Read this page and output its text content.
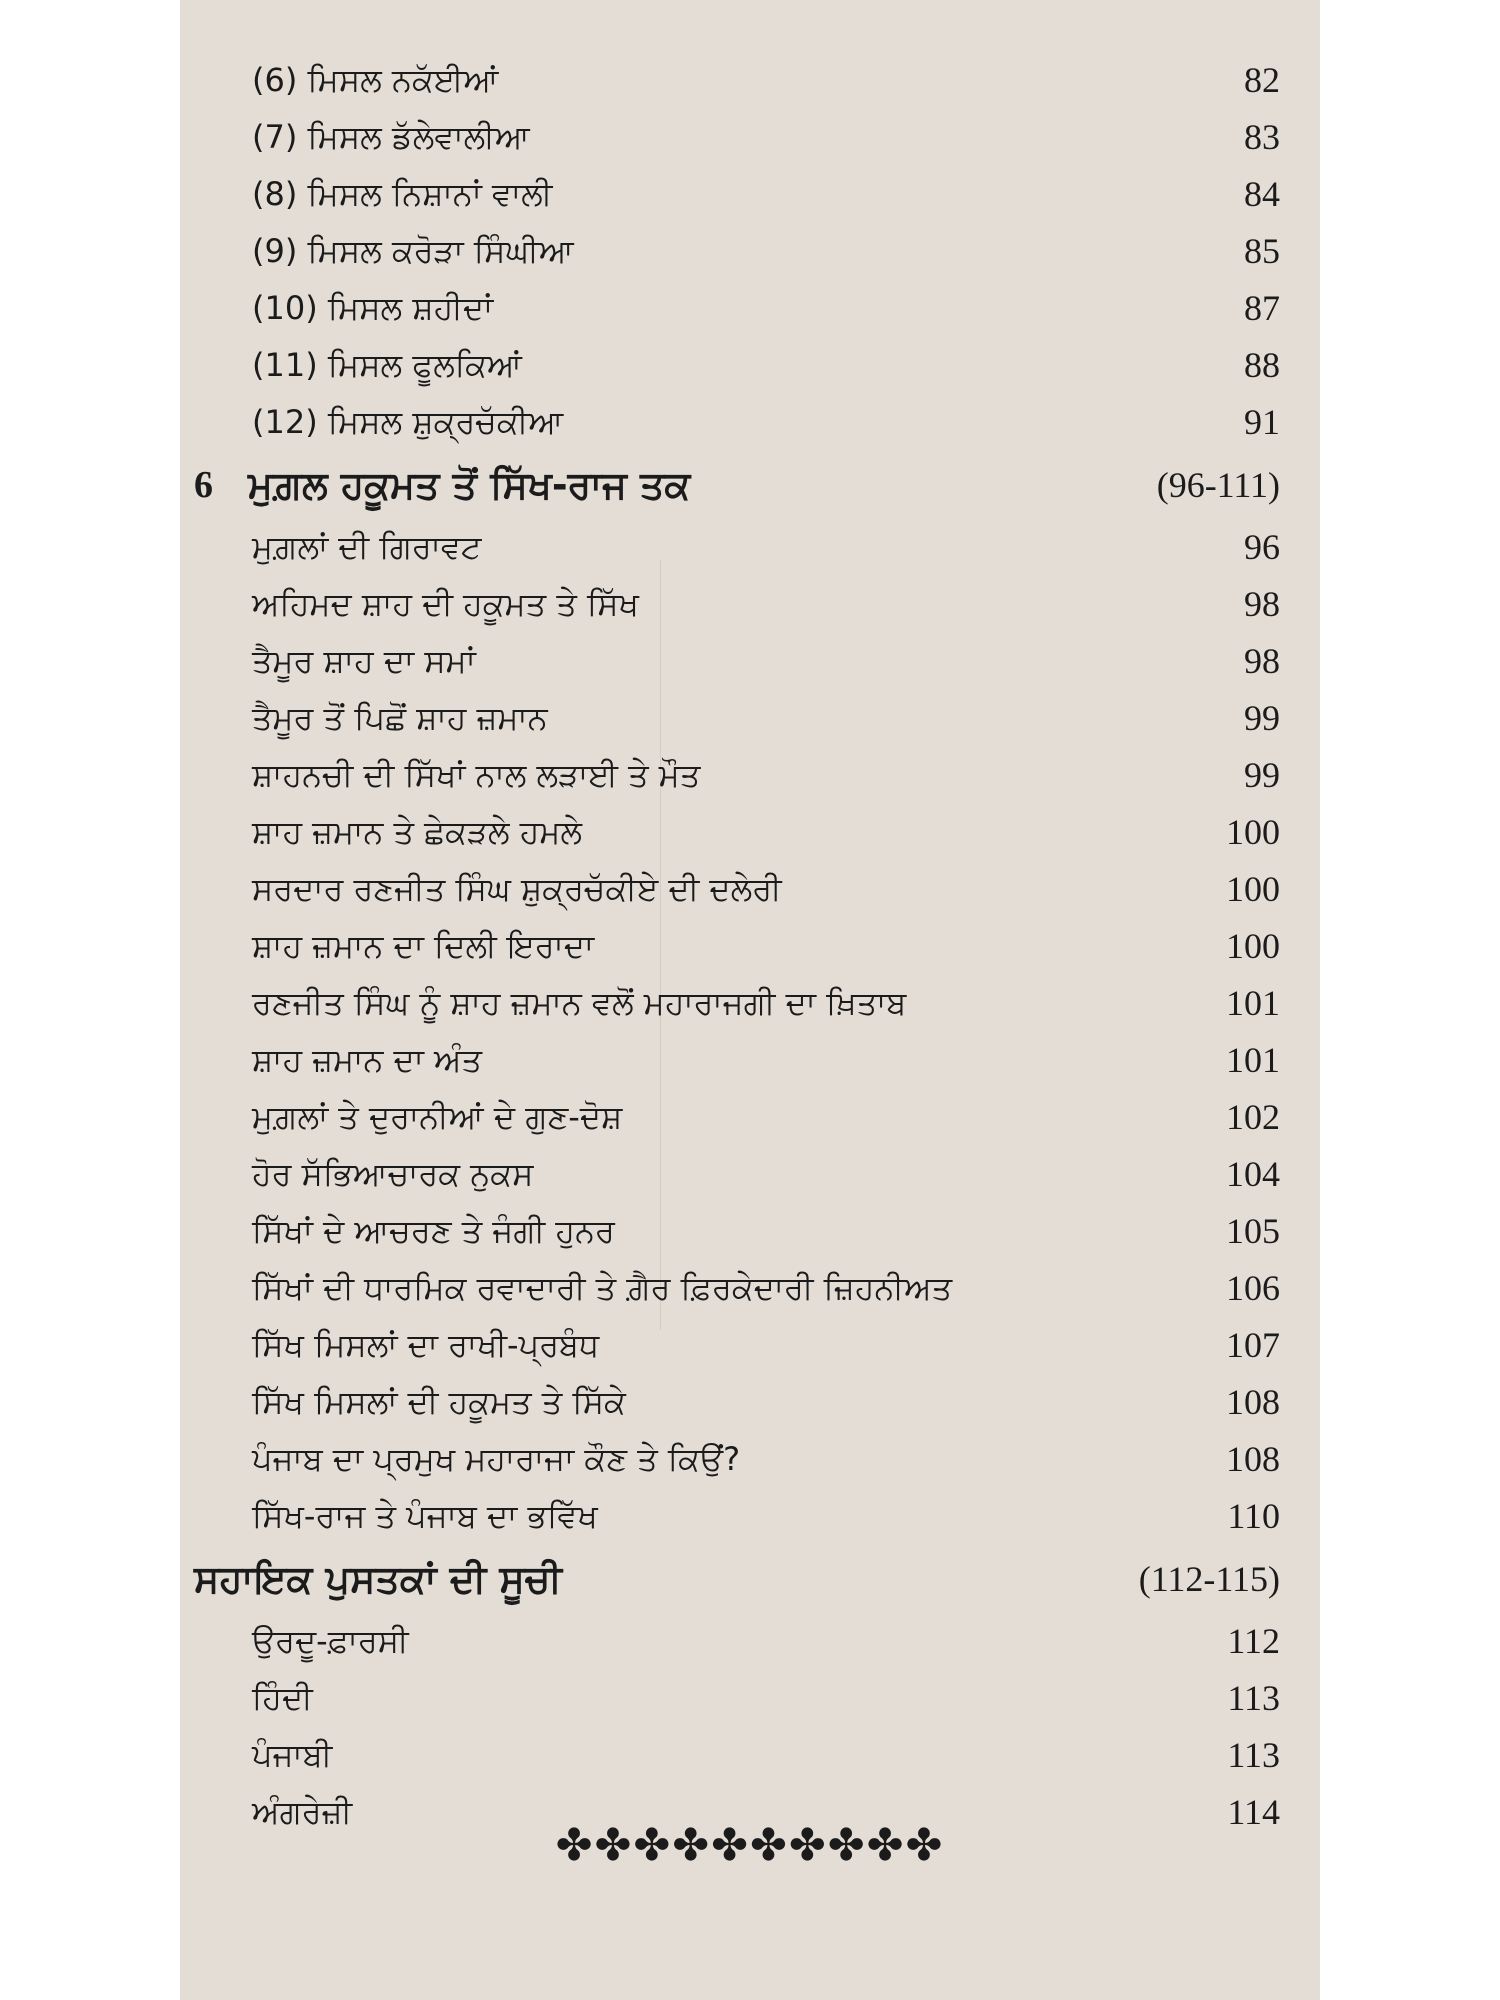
(6) ਮਿਸਲ ਨਕੱਈਆਂ	82
(7) ਮਿਸਲ ਡੱਲੇਵਾਲੀਆ	83
(8) ਮਿਸਲ ਨਿਸ਼ਾਨਾਂ ਵਾਲੀ	84
(9) ਮਿਸਲ ਕਰੋੜਾ ਸਿੰਘੀਆ	85
(10) ਮਿਸਲ ਸ਼ਹੀਦਾਂ	87
(11) ਮਿਸਲ ਫੂਲਕਿਆਂ	88
(12) ਮਿਸਲ ਸ਼ੁਕ੍ਰਚੱਕੀਆ	91
6 ਮੁਗ਼ਲ ਹਕੂਮਤ ਤੋਂ ਸਿੱਖ-ਰਾਜ ਤਕ	(96-111)
ਮੁਗ਼ਲਾਂ ਦੀ ਗਿਰਾਵਟ	96
ਅਹਿਮਦ ਸ਼ਾਹ ਦੀ ਹਕੂਮਤ ਤੇ ਸਿੱਖ	98
ਤੈਮੂਰ ਸ਼ਾਹ ਦਾ ਸਮਾਂ	98
ਤੈਮੂਰ ਤੋਂ ਪਿਛੋਂ ਸ਼ਾਹ ਜ਼ਮਾਨ	99
ਸ਼ਾਹਨਚੀ ਦੀ ਸਿੱਖਾਂ ਨਾਲ ਲੜਾਈ ਤੇ ਮੌਤ	99
ਸ਼ਾਹ ਜ਼ਮਾਨ ਤੇ ਛੇਕੜਲੇ ਹਮਲੇ	100
ਸਰਦਾਰ ਰਣਜੀਤ ਸਿੰਘ ਸ਼ੁਕ੍ਰਚੱਕੀਏ ਦੀ ਦਲੇਰੀ	100
ਸ਼ਾਹ ਜ਼ਮਾਨ ਦਾ ਦਿਲੀ ਇਰਾਦਾ	100
ਰਣਜੀਤ ਸਿੰਘ ਨੂੰ ਸ਼ਾਹ ਜ਼ਮਾਨ ਵਲੋਂ ਮਹਾਰਾਜਗੀ ਦਾ ਖ਼ਿਤਾਬ	101
ਸ਼ਾਹ ਜ਼ਮਾਨ ਦਾ ਅੰਤ	101
ਮੁਗ਼ਲਾਂ ਤੇ ਦੁਰਾਨੀਆਂ ਦੇ ਗੁਣ-ਦੋਸ਼	102
ਹੋਰ ਸੱਭਿਆਚਾਰਕ ਨੁਕਸ	104
ਸਿੱਖਾਂ ਦੇ ਆਚਰਣ ਤੇ ਜੰਗੀ ਹੁਨਰ	105
ਸਿੱਖਾਂ ਦੀ ਧਾਰਮਿਕ ਰਵਾਦਾਰੀ ਤੇ ਗ਼ੈਰ ਫ਼ਿਰਕੇਦਾਰੀ ਜ਼ਿਹਨੀਅਤ	106
ਸਿੱਖ ਮਿਸਲਾਂ ਦਾ ਰਾਖੀ-ਪ੍ਰਬੰਧ	107
ਸਿੱਖ ਮਿਸਲਾਂ ਦੀ ਹਕੂਮਤ ਤੇ ਸਿੱਕੇ	108
ਪੰਜਾਬ ਦਾ ਪ੍ਰਮੁਖ ਮਹਾਰਾਜਾ ਕੌਣ ਤੇ ਕਿਉਂ?	108
ਸਿੱਖ-ਰਾਜ ਤੇ ਪੰਜਾਬ ਦਾ ਭਵਿੱਖ	110
ਸਹਾਇਕ ਪੁਸਤਕਾਂ ਦੀ ਸੂਚੀ	(112-115)
ਉਰਦੂ-ਫ਼ਾਰਸੀ	112
ਹਿੰਦੀ	113
ਪੰਜਾਬੀ	113
ਅੰਗਰੇਜ਼ੀ	114
✤✤✤✤✤✤✤✤✤✤
